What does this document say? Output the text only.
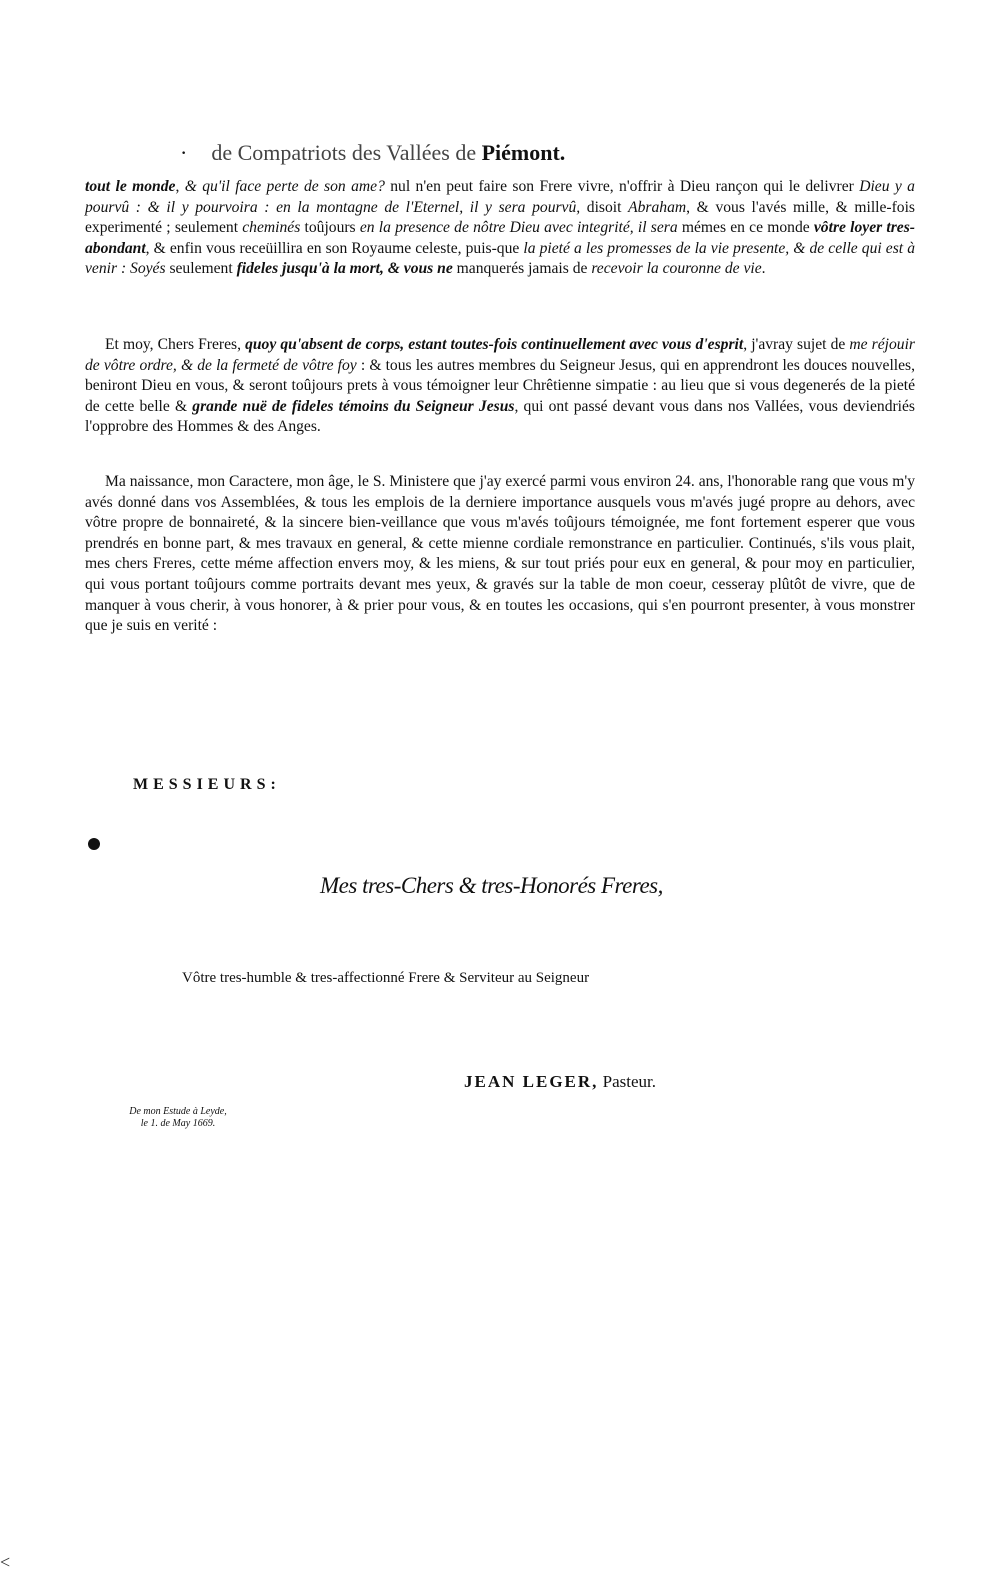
· de Compatriots des Vallées de Piémont.

tout le monde, & qu'il face perte de son ame? nul n'en peut faire son Frere vivre, n'offrir à Dieu rançon qui le delivrer Dieu y a pourvû : & il y pourvoira : en la montagne de l'Eternel, il y sera pourvû, disoit Abraham, & vous l'avés mille, & mille-fois experimenté ; seulement cheminés toûjours en la presence de nôtre Dieu avec integrité, il sera mémes en ce monde vôtre loyer tres-abondant, & enfin vous receüillira en son Royaume celeste, puis-que la pieté a les promesses de la vie presente, & de celle qui est à venir : Soyés seulement fideles jusqu'à la mort, & vous ne manquerés jamais de recevoir la couronne de vie.

Et moy, Chers Freres, quoy qu'absent de corps, estant toutes-fois continuellement avec vous d'esprit, j'avray sujet de me réjouir de vôtre ordre, & de la fermeté de vôtre foy : & tous les autres membres du Seigneur Jesus, qui en apprendront les douces nouvelles, beniront Dieu en vous, & seront toûjours prets à vous témoigner leur Chrêtienne simpatie : au lieu que si vous degenerés de la pieté de cette belle & grande nuë de fideles témoins du Seigneur Jesus, qui ont passé devant vous dans nos Vallées, vous deviendriés l'opprobre des Hommes & des Anges.

Ma naissance, mon Caractere, mon âge, le S. Ministere que j'ay exercé parmi vous environ 24. ans, l'honorable rang que vous m'y avés donné dans vos Assemblées, & tous les emplois de la derniere importance ausquels vous m'avés jugé propre au dehors, avec vôtre propre de bonnaireté, & la sincere bien-veillance que vous m'avés toûjours témoignée, me font fortement esperer que vous prendrés en bonne part, & mes travaux en general, & cette mienne cordiale remonstrance en particulier. Continués, s'ils vous plait, mes chers Freres, cette méme affection envers moy, & les miens, & sur tout priés pour eux en general, & pour moy en particulier, qui vous portant toûjours comme portraits devant mes yeux, & gravés sur la table de mon coeur, cesseray plûtôt de vivre, que de manquer à vous cherir, à vous honorer, à & prier pour vous, & en toutes les occasions, qui s'en pourront presenter, à vous monstrer que je suis en verité :

MESSIEURS:
Mes tres-Chers & tres-Honorés Freres,
Vôtre tres-humble & tres-affectionné Frere & Serviteur au Seigneur
JEAN LEGER, Pasteur.
De mon Estude à Leyde,
le 1. de May 1669.
<
